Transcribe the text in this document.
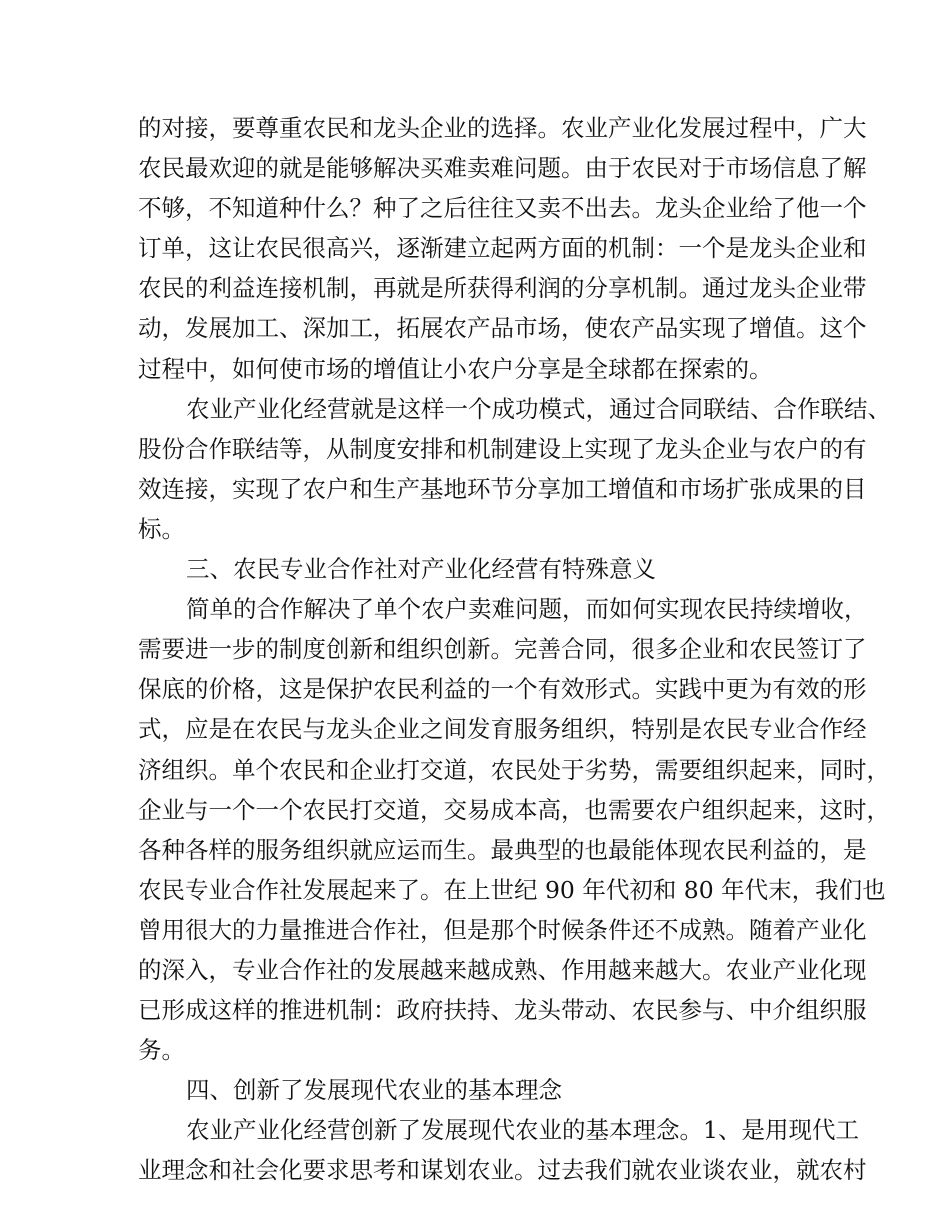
的对接，要尊重农民和龙头企业的选择。农业产业化发展过程中，广大
农民最欢迎的就是能够解决买难卖难问题。由于农民对于市场信息了解
不够，不知道种什么？种了之后往往又卖不出去。龙头企业给了他一个
订单，这让农民很高兴，逐渐建立起两方面的机制：一个是龙头企业和
农民的利益连接机制，再就是所获得利润的分享机制。通过龙头企业带
动，发展加工、深加工，拓展农产品市场，使农产品实现了增值。这个
过程中，如何使市场的增值让小农户分享是全球都在探索的。
农业产业化经营就是这样一个成功模式，通过合同联结、合作联结、
股份合作联结等，从制度安排和机制建设上实现了龙头企业与农户的有
效连接，实现了农户和生产基地环节分享加工增值和市场扩张成果的目
标。
三、农民专业合作社对产业化经营有特殊意义
简单的合作解决了单个农户卖难问题，而如何实现农民持续增收，
需要进一步的制度创新和组织创新。完善合同，很多企业和农民签订了
保底的价格，这是保护农民利益的一个有效形式。实践中更为有效的形
式，应是在农民与龙头企业之间发育服务组织，特别是农民专业合作经
济组织。单个农民和企业打交道，农民处于劣势，需要组织起来，同时，
企业与一个一个农民打交道，交易成本高，也需要农户组织起来，这时，
各种各样的服务组织就应运而生。最典型的也最能体现农民利益的，是
农民专业合作社发展起来了。在上世纪 90 年代初和 80 年代末，我们也
曾用很大的力量推进合作社，但是那个时候条件还不成熟。随着产业化
的深入，专业合作社的发展越来越成熟、作用越来越大。农业产业化现
已形成这样的推进机制：政府扶持、龙头带动、农民参与、中介组织服
务。
四、创新了发展现代农业的基本理念
农业产业化经营创新了发展现代农业的基本理念。1、是用现代工
业理念和社会化要求思考和谋划农业。过去我们就农业谈农业，就农村
